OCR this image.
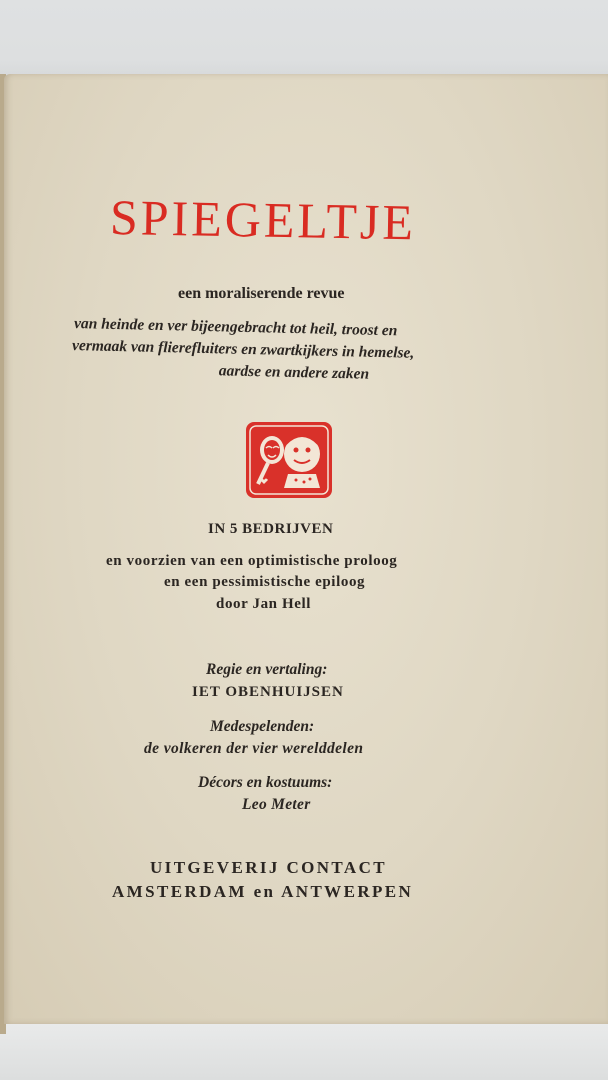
SPIEGELTJE
een moraliserende revue
van heinde en ver bijeengebracht tot heil, troost en
vermaak van flierefluiters en zwartkijkers in hemelse,
aardse en andere zaken
IN 5 BEDRIJVEN
en voorzien van een optimistische proloog
en een pessimistische epiloog
door Jan Hell
Regie en vertaling:
IET OBENHUIJSEN
Medespelenden:
de volkeren der vier werelddelen
Décors en kostuums:
Leo Meter
UITGEVERIJ CONTACT
AMSTERDAM en ANTWERPEN
